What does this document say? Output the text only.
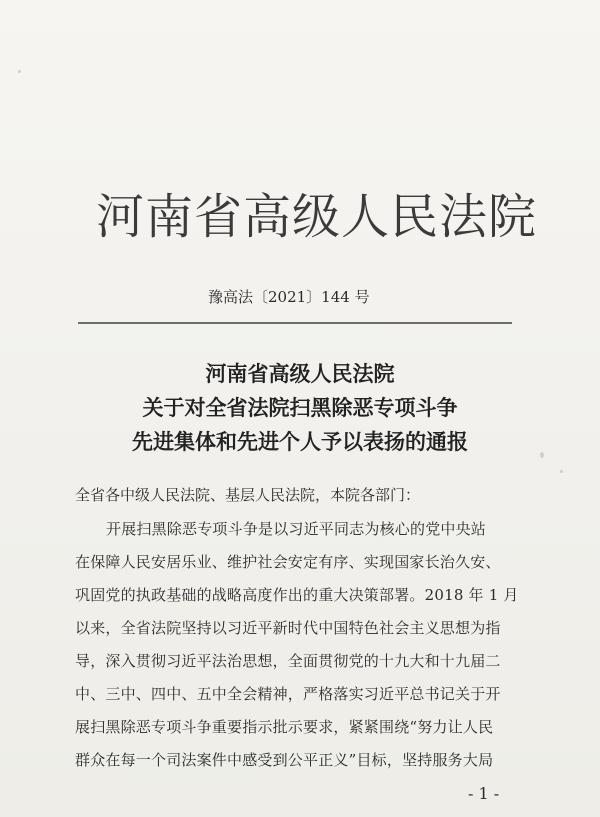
河南省高级人民法院
豫高法〔2021〕144 号
河南省高级人民法院
关于对全省法院扫黑除恶专项斗争
先进集体和先进个人予以表扬的通报
全省各中级人民法院、基层人民法院，本院各部门：
开展扫黑除恶专项斗争是以习近平同志为核心的党中央站
在保障人民安居乐业、维护社会安定有序、实现国家长治久安、
巩固党的执政基础的战略高度作出的重大决策部署。2018 年 1 月
以来，全省法院坚持以习近平新时代中国特色社会主义思想为指
导，深入贯彻习近平法治思想，全面贯彻党的十九大和十九届二
中、三中、四中、五中全会精神，严格落实习近平总书记关于开
展扫黑除恶专项斗争重要指示批示要求，紧紧围绕“努力让人民
群众在每一个司法案件中感受到公平正义”目标，坚持服务大局
- 1 -
